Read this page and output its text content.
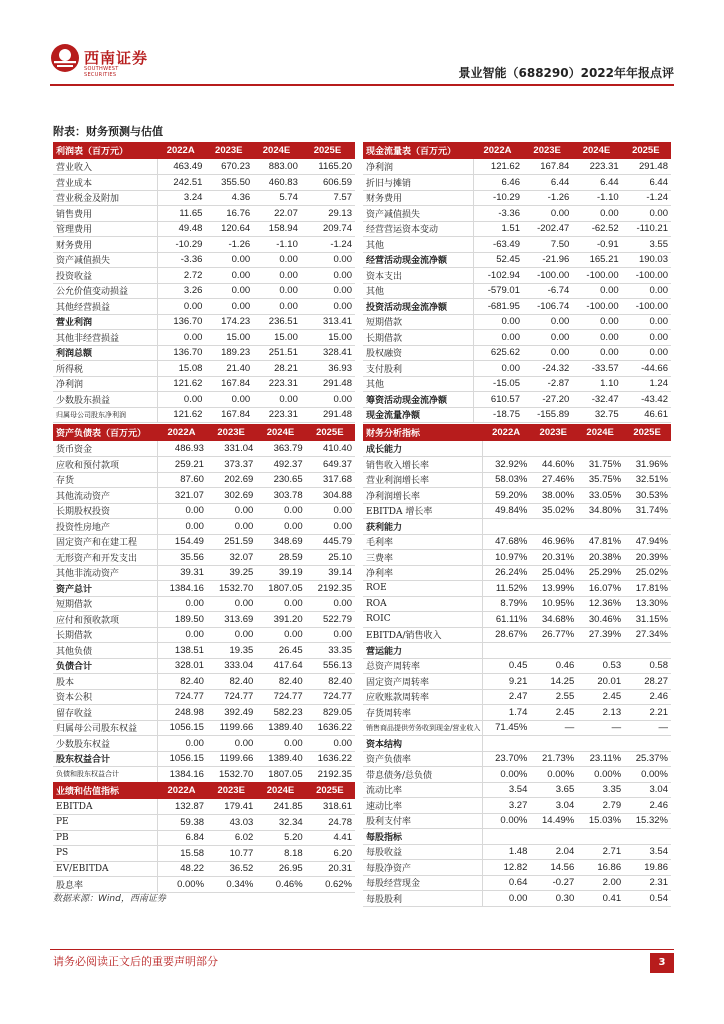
西南证券
SOUTHWEST SECURITIES	景业智能（688290）2022年年报点评
附表：财务预测与估值
利润表（百万元）	2022A	2023E	2024E	2025E
营业收入	463.49	670.23	883.00	1165.20
营业成本	242.51	355.50	460.83	606.59
营业税金及附加	3.24	4.36	5.74	7.57
销售费用	11.65	16.76	22.07	29.13
管理费用	49.48	120.64	158.94	209.74
财务费用	-10.29	-1.26	-1.10	-1.24
资产减值损失	-3.36	0.00	0.00	0.00
投资收益	2.72	0.00	0.00	0.00
公允价值变动损益	3.26	0.00	0.00	0.00
其他经营损益	0.00	0.00	0.00	0.00
营业利润	136.70	174.23	236.51	313.41
其他非经营损益	0.00	15.00	15.00	15.00
利润总额	136.70	189.23	251.51	328.41
所得税	15.08	21.40	28.21	36.93
净利润	121.62	167.84	223.31	291.48
少数股东损益	0.00	0.00	0.00	0.00
归属母公司股东净利润	121.62	167.84	223.31	291.48
现金流量表（百万元）	2022A	2023E	2024E	2025E
净利润	121.62	167.84	223.31	291.48
折旧与摊销	6.46	6.44	6.44	6.44
财务费用	-10.29	-1.26	-1.10	-1.24
资产减值损失	-3.36	0.00	0.00	0.00
经营营运资本变动	1.51	-202.47	-62.52	-110.21
其他	-63.49	7.50	-0.91	3.55
经营活动现金流净额	52.45	-21.96	165.21	190.03
资本支出	-102.94	-100.00	-100.00	-100.00
其他	-579.01	-6.74	0.00	0.00
投资活动现金流净额	-681.95	-106.74	-100.00	-100.00
短期借款	0.00	0.00	0.00	0.00
长期借款	0.00	0.00	0.00	0.00
股权融资	625.62	0.00	0.00	0.00
支付股利	0.00	-24.32	-33.57	-44.66
其他	-15.05	-2.87	1.10	1.24
筹资活动现金流净额	610.57	-27.20	-32.47	-43.42
现金流量净额	-18.75	-155.89	32.75	46.61
资产负债表（百万元）	2022A	2023E	2024E	2025E
货币资金	486.93	331.04	363.79	410.40
应收和预付款项	259.21	373.37	492.37	649.37
存货	87.60	202.69	230.65	317.68
其他流动资产	321.07	302.69	303.78	304.88
长期股权投资	0.00	0.00	0.00	0.00
投资性房地产	0.00	0.00	0.00	0.00
固定资产和在建工程	154.49	251.59	348.69	445.79
无形资产和开发支出	35.56	32.07	28.59	25.10
其他非流动资产	39.31	39.25	39.19	39.14
资产总计	1384.16	1532.70	1807.05	2192.35
短期借款	0.00	0.00	0.00	0.00
应付和预收款项	189.50	313.69	391.20	522.79
长期借款	0.00	0.00	0.00	0.00
其他负债	138.51	19.35	26.45	33.35
负债合计	328.01	333.04	417.64	556.13
股本	82.40	82.40	82.40	82.40
资本公积	724.77	724.77	724.77	724.77
留存收益	248.98	392.49	582.23	829.05
归属母公司股东权益	1056.15	1199.66	1389.40	1636.22
少数股东权益	0.00	0.00	0.00	0.00
股东权益合计	1056.15	1199.66	1389.40	1636.22
负债和股东权益合计	1384.16	1532.70	1807.05	2192.35
财务分析指标	2022A	2023E	2024E	2025E
成长能力				
销售收入增长率	32.92%	44.60%	31.75%	31.96%
营业利润增长率	58.03%	27.46%	35.75%	32.51%
净利润增长率	59.20%	38.00%	33.05%	30.53%
EBITDA 增长率	49.84%	35.02%	34.80%	31.74%
获利能力				
毛利率	47.68%	46.96%	47.81%	47.94%
三费率	10.97%	20.31%	20.38%	20.39%
净利率	26.24%	25.04%	25.29%	25.02%
ROE	11.52%	13.99%	16.07%	17.81%
ROA	8.79%	10.95%	12.36%	13.30%
ROIC	61.11%	34.68%	30.46%	31.15%
EBITDA/销售收入	28.67%	26.77%	27.39%	27.34%
营运能力				
总资产周转率	0.45	0.46	0.53	0.58
固定资产周转率	9.21	14.25	20.01	28.27
应收账款周转率	2.47	2.55	2.45	2.46
存货周转率	1.74	2.45	2.13	2.21
销售商品提供劳务收到现金/营业收入	71.45%	—	—	—
资本结构				
资产负债率	23.70%	21.73%	23.11%	25.37%
带息债务/总负债	0.00%	0.00%	0.00%	0.00%
流动比率	3.54	3.65	3.35	3.04
速动比率	3.27	3.04	2.79	2.46
股利支付率	0.00%	14.49%	15.03%	15.32%
每股指标				
每股收益	1.48	2.04	2.71	3.54
每股净资产	12.82	14.56	16.86	19.86
每股经营现金	0.64	-0.27	2.00	2.31
每股股利	0.00	0.30	0.41	0.54
业绩和估值指标	2022A	2023E	2024E	2025E
EBITDA	132.87	179.41	241.85	318.61
PE	59.38	43.03	32.34	24.78
PB	6.84	6.02	5.20	4.41
PS	15.58	10.77	8.18	6.20
EV/EBITDA	48.22	36.52	26.95	20.31
股息率	0.00%	0.34%	0.46%	0.62%
数据来源：Wind，西南证券
请务必阅读正文后的重要声明部分	3
